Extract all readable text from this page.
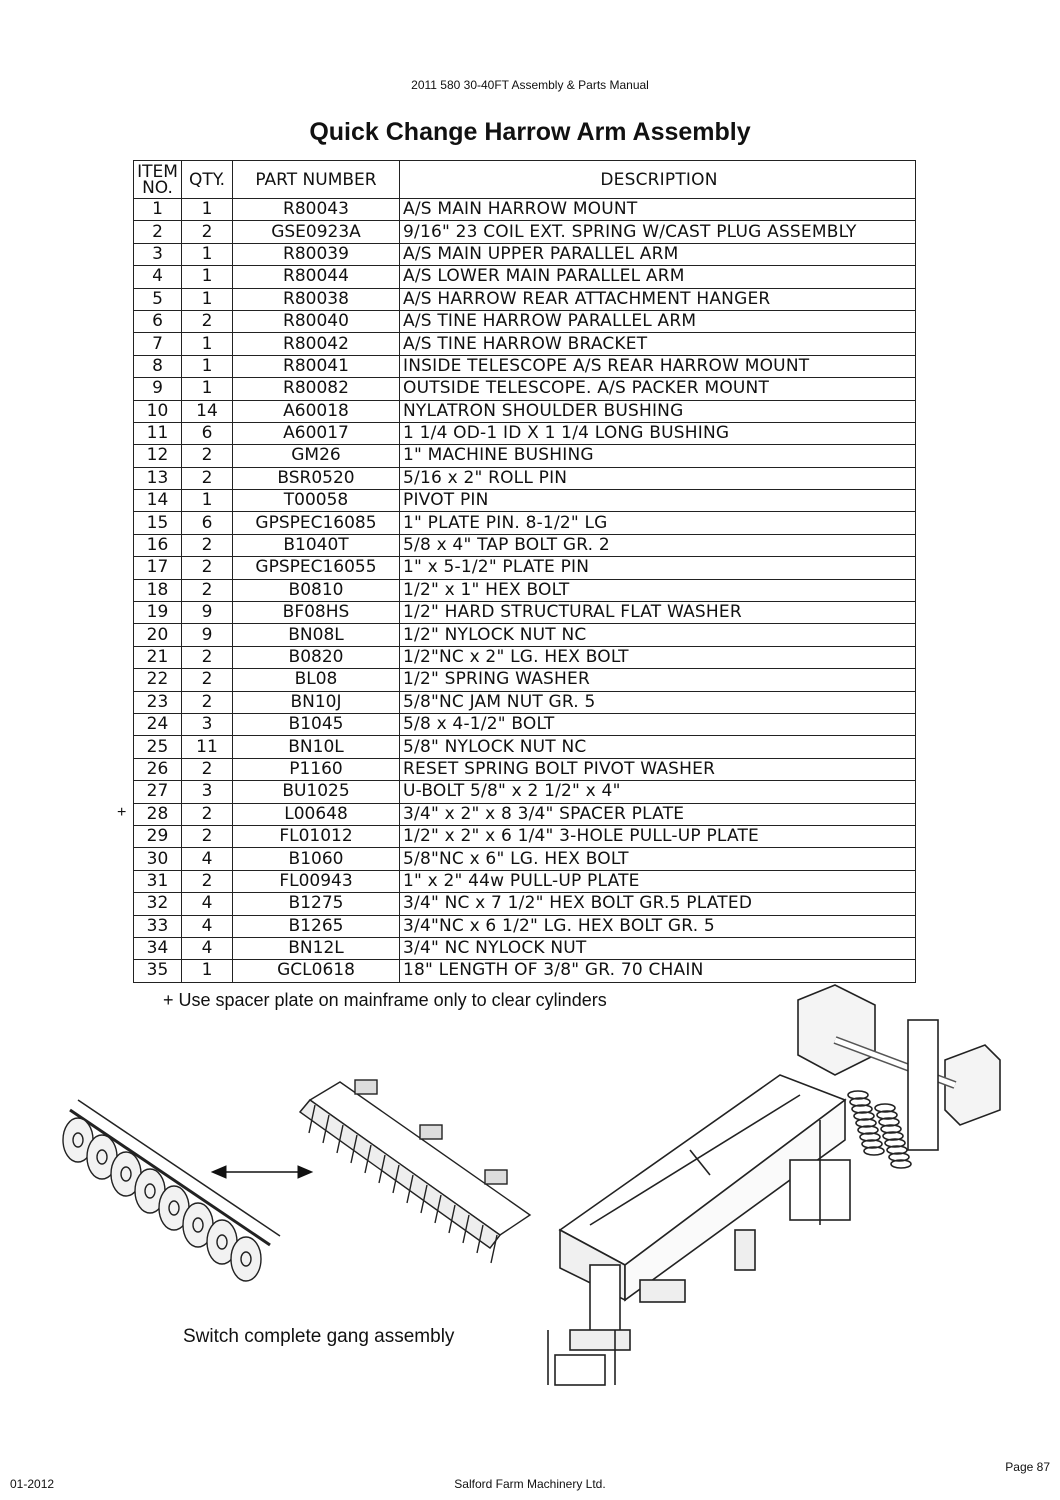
2011 580 30-40FT Assembly & Parts Manual
Quick Change Harrow Arm Assembly
ITEM
NO.	QTY.	PART NUMBER	DESCRIPTION
1	1	R80043	A/S MAIN HARROW MOUNT
2	2	GSE0923A	9/16" 23 COIL EXT. SPRING W/CAST PLUG ASSEMBLY
3	1	R80039	A/S MAIN UPPER PARALLEL ARM
4	1	R80044	A/S LOWER MAIN PARALLEL ARM
5	1	R80038	A/S HARROW REAR ATTACHMENT HANGER
6	2	R80040	A/S TINE HARROW PARALLEL ARM
7	1	R80042	A/S TINE HARROW BRACKET
8	1	R80041	INSIDE TELESCOPE A/S REAR HARROW MOUNT
9	1	R80082	OUTSIDE TELESCOPE. A/S PACKER MOUNT
10	14	A60018	NYLATRON SHOULDER BUSHING
11	6	A60017	1 1/4 OD-1 ID X 1 1/4 LONG BUSHING
12	2	GM26	1" MACHINE BUSHING
13	2	BSR0520	5/16 x 2" ROLL PIN
14	1	T00058	PIVOT PIN
15	6	GPSPEC16085	1" PLATE PIN. 8-1/2" LG
16	2	B1040T	5/8 x 4" TAP BOLT GR. 2
17	2	GPSPEC16055	1" x 5-1/2" PLATE PIN
18	2	B0810	1/2" x 1" HEX BOLT
19	9	BF08HS	1/2" HARD STRUCTURAL FLAT WASHER
20	9	BN08L	1/2" NYLOCK NUT NC
21	2	B0820	1/2"NC x 2" LG. HEX BOLT
22	2	BL08	1/2" SPRING WASHER
23	2	BN10J	5/8"NC JAM NUT GR. 5
24	3	B1045	5/8 x 4-1/2" BOLT
25	11	BN10L	5/8" NYLOCK NUT NC
26	2	P1160	RESET SPRING BOLT PIVOT WASHER
27	3	BU1025	U-BOLT 5/8" x 2 1/2" x 4"
28	2	L00648	3/4" x 2" x 8 3/4" SPACER PLATE
29	2	FL01012	1/2" x 2" x 6 1/4" 3-HOLE PULL-UP PLATE
30	4	B1060	5/8"NC x 6" LG. HEX BOLT
31	2	FL00943	1" x 2" 44w PULL-UP PLATE
32	4	B1275	3/4" NC x 7 1/2" HEX BOLT GR.5 PLATED
33	4	B1265	3/4"NC x 6 1/2" LG. HEX BOLT GR. 5
34	4	BN12L	3/4" NC NYLOCK NUT
35	1	GCL0618	18" LENGTH OF 3/8" GR. 70 CHAIN
+
+ Use spacer plate on mainframe only to clear cylinders
Switch complete gang assembly
01-2012	Salford Farm Machinery Ltd.
Page 87
